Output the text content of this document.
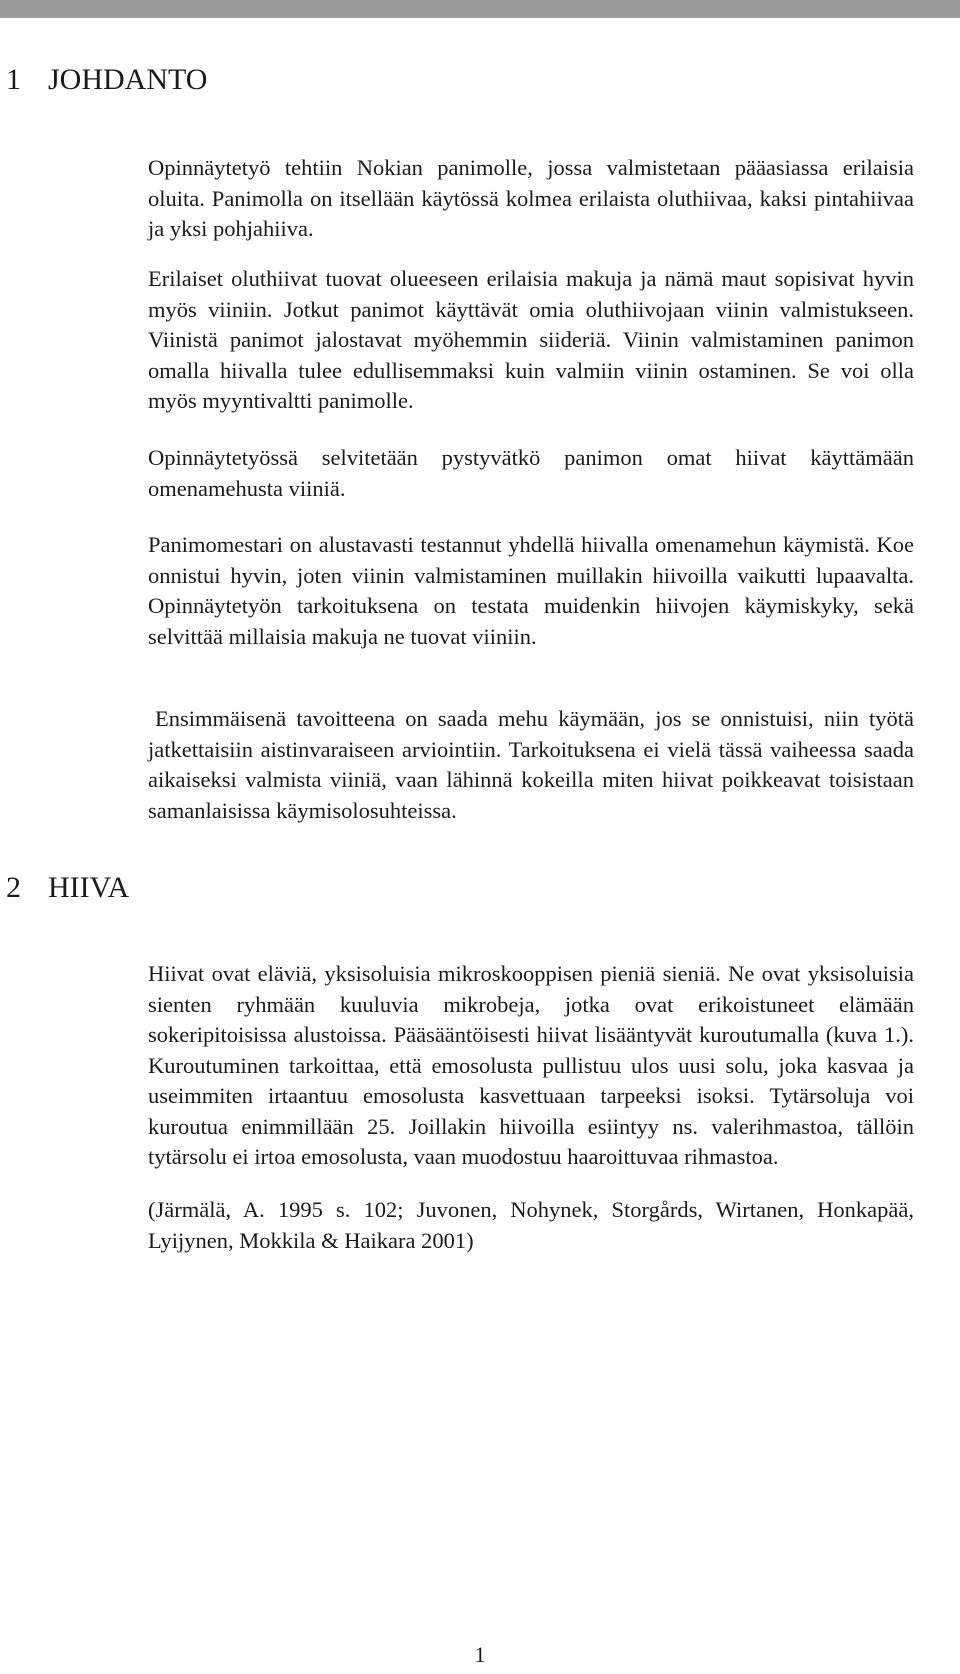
1 JOHDANTO

Opinnäytetyö tehtiin Nokian panimolle, jossa valmistetaan pääasiassa erilaisia oluita. Panimolla on itsellään käytössä kolmea erilaista oluthiivaa, kaksi pintahiivaa ja yksi pohjahiiva.

Erilaiset oluthiivat tuovat olueeseen erilaisia makuja ja nämä maut sopisivat hyvin myös viiniin. Jotkut panimot käyttävät omia oluthiivojaan viinin valmistukseen. Viinistä panimot jalostavat myöhemmin siideriä. Viinin valmistaminen panimon omalla hiivalla tulee edullisemmaksi kuin valmiin viinin ostaminen. Se voi olla myös myyntivaltti panimolle.

Opinnäytetyössä selvitetään pystyvätkö panimon omat hiivat käyttämään omenamehusta viiniä.

Panimomestari on alustavasti testannut yhdellä hiivalla omenamehun käymistä. Koe onnistui hyvin, joten viinin valmistaminen muillakin hiivoilla vaikutti lupaavalta. Opinnäytetyön tarkoituksena on testata muidenkin hiivojen käymiskyky, sekä selvittää millaisia makuja ne tuovat viiniin.

Ensimmäisenä tavoitteena on saada mehu käymään, jos se onnistuisi, niin työtä jatkettaisiin aistinvaraiseen arviointiin. Tarkoituksena ei vielä tässä vaiheessa saada aikaiseksi valmista viiniä, vaan lähinnä kokeilla miten hiivat poikkeavat toisistaan samanlaisissa käymisolosuhteissa.

2 HIIVA

Hiivat ovat eläviä, yksisoluisia mikroskooppisen pieniä sieniä. Ne ovat yksisoluisia sienten ryhmään kuuluvia mikrobeja, jotka ovat erikoistuneet elämään sokeripitoisissa alustoissa. Pääsääntöisesti hiivat lisääntyvät kuroutumalla (kuva 1.). Kuroutuminen tarkoittaa, että emosolusta pullistuu ulos uusi solu, joka kasvaa ja useimmiten irtaantuu emosolusta kasvettuaan tarpeeksi isoksi. Tytärsoluja voi kuroutua enimmillään 25. Joillakin hiivoilla esiintyy ns. valerihmastoa, tällöin tytärsolu ei irtoa emosolusta, vaan muodostuu haaroittuvaa rihmastoa.

(Järmälä, A. 1995 s. 102; Juvonen, Nohynek, Storgårds, Wirtanen, Honkapää, Lyijynen, Mokkila & Haikara 2001)

1
